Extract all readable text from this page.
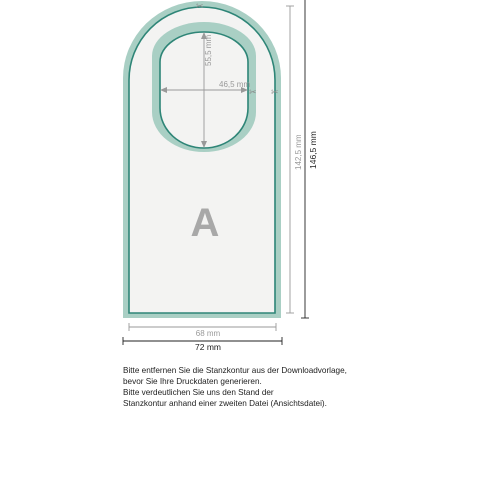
46,5 mm
55,5 mm
✂
✂ ✂
A
68 mm
72 mm
142,5 mm 146,5 mm
Bitte entfernen Sie die Stanzkontur aus der Downloadvorlage,
bevor Sie Ihre Druckdaten generieren.
Bitte verdeutlichen Sie uns den Stand der
Stanzkontur anhand einer zweiten Datei (Ansichtsdatei).
